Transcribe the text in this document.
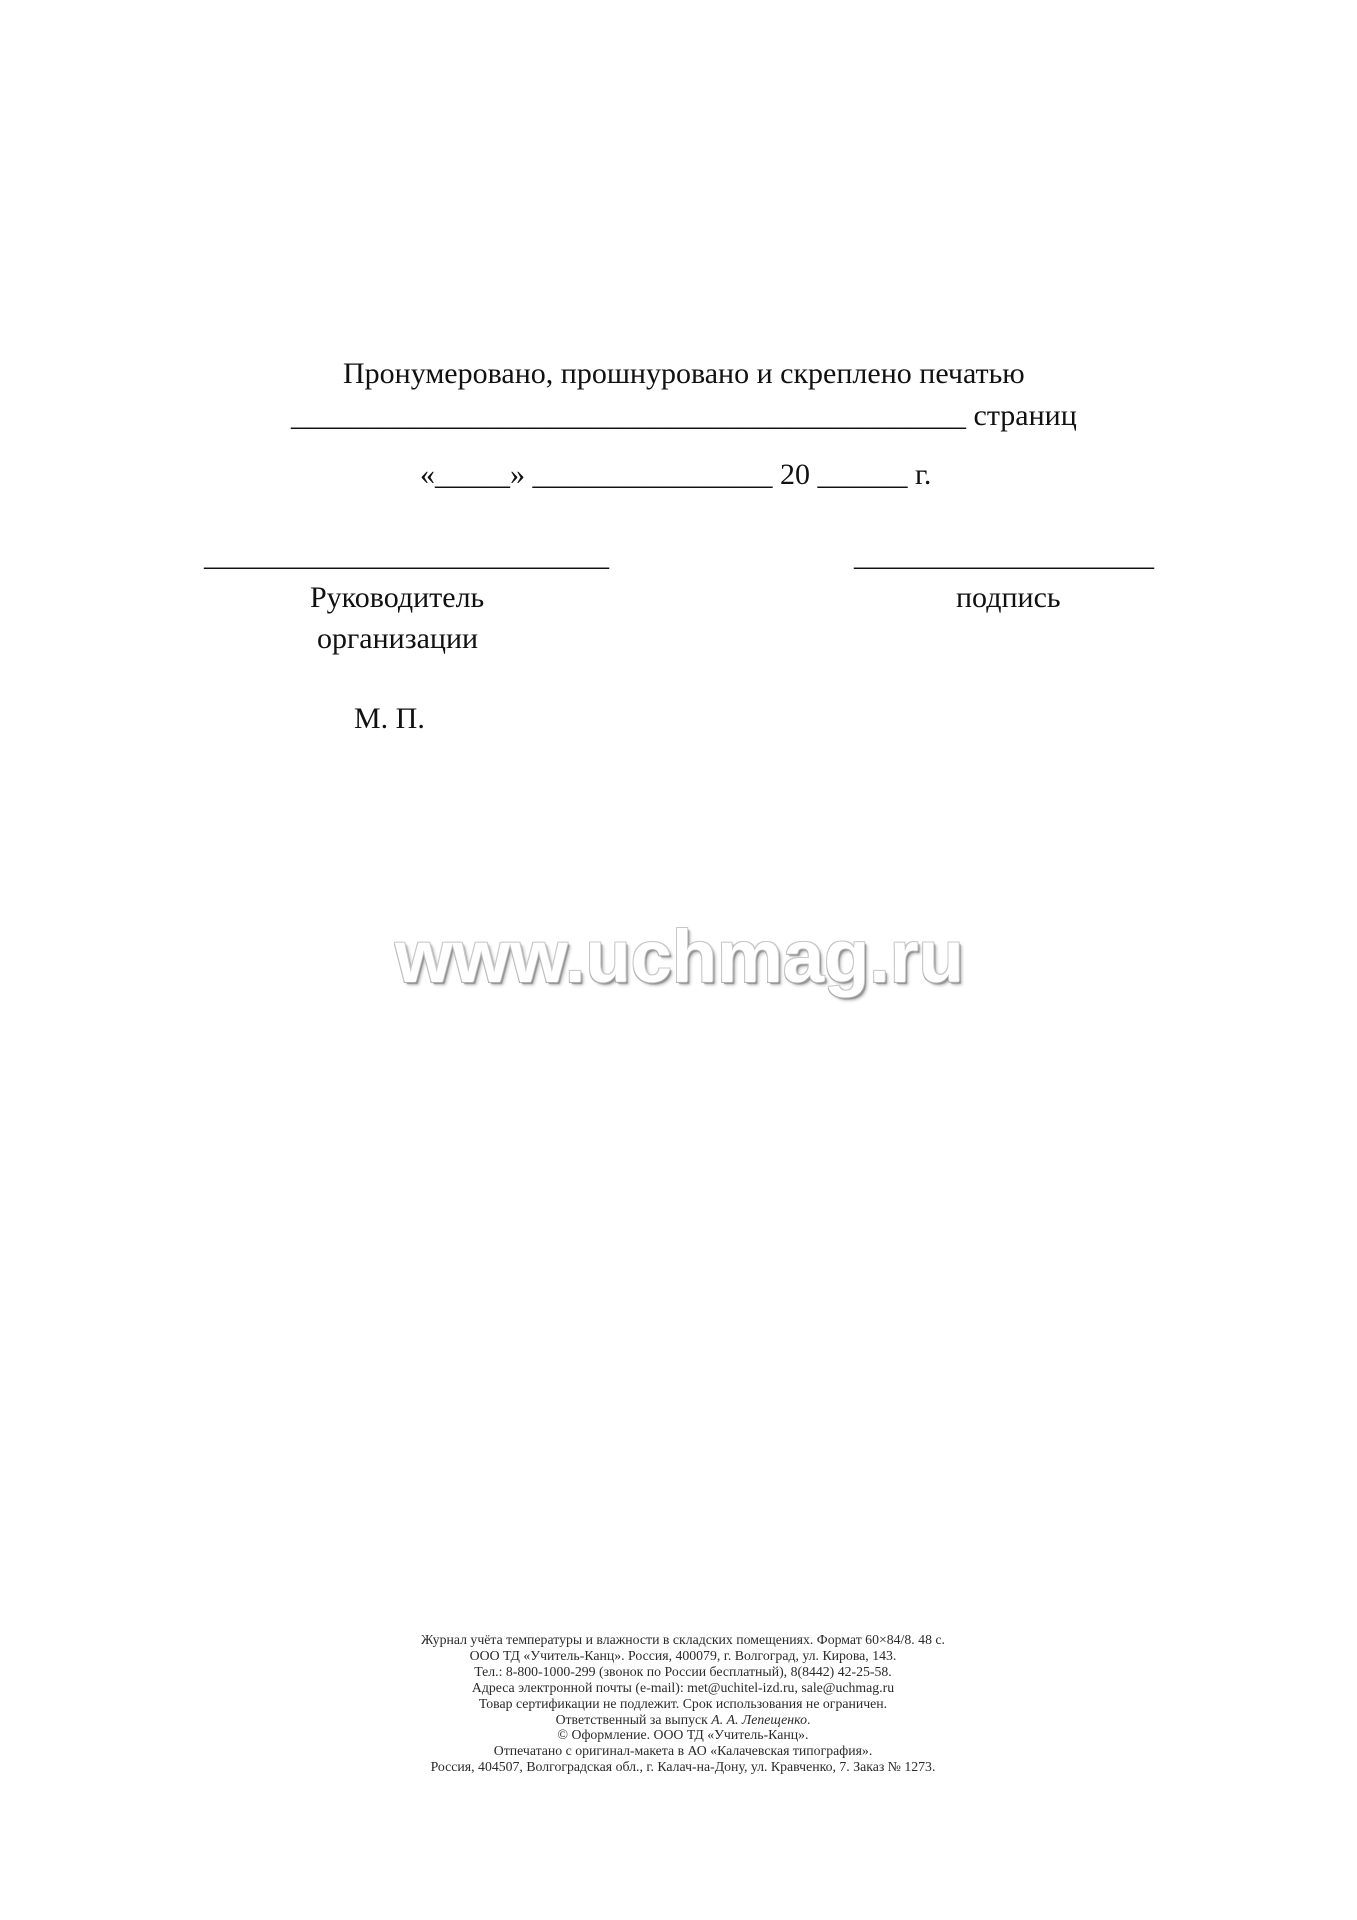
Пронумеровано, прошнуровано и скреплено печатью
_____________________________________________ страниц
«_____» ________________ 20 ______ г.
___________________________	____________________
Руководитель
организации
подпись
М. П.
www.uchmag.ru
Журнал учёта температуры и влажности в складских помещениях. Формат 60×84/8. 48 с.
ООО ТД «Учитель-Канц». Россия, 400079, г. Волгоград, ул. Кирова, 143.
Тел.: 8-800-1000-299 (звонок по России бесплатный), 8(8442) 42-25-58.
Адреса электронной почты (e-mail): met@uchitel-izd.ru, sale@uchmag.ru
Товар сертификации не подлежит. Срок использования не ограничен.
Ответственный за выпуск А. А. Лепещенко.
© Оформление. ООО ТД «Учитель-Канц».
Отпечатано с оригинал-макета в АО «Калачевская типография».
Россия, 404507, Волгоградская обл., г. Калач-на-Дону, ул. Кравченко, 7. Заказ № 1273.
